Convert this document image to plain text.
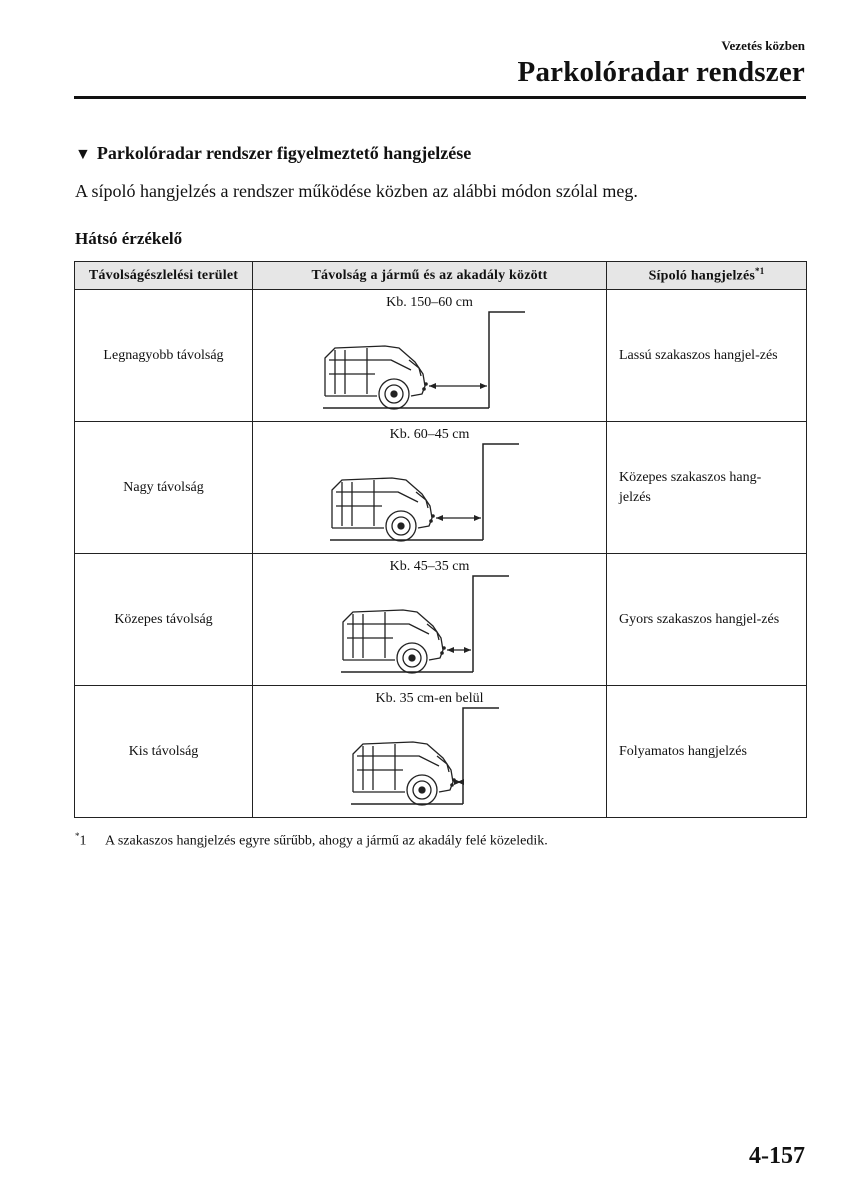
Vezetés közben
Parkolóradar rendszer
▼ Parkolóradar rendszer figyelmeztető hangjelzése
A sípoló hangjelzés a rendszer működése közben az alábbi módon szólal meg.
Hátsó érzékelő
Távolságészlelési terület	Távolság a jármű és az akadály között	Sípoló hangjelzés$^{*1}$
Legnagyobb távolság	Kb. 150–60 cm	Lassú szakaszos hangjel-zés
Nagy távolság	Kb. 60–45 cm	Közepes szakaszos hang-jelzés
Közepes távolság	Kb. 45–35 cm	Gyors szakaszos hangjel-zés
Kis távolság	Kb. 35 cm-en belül	Folyamatos hangjelzés
*1 A szakaszos hangjelzés egyre sűrűbb, ahogy a jármű az akadály felé közeledik.
4-157
